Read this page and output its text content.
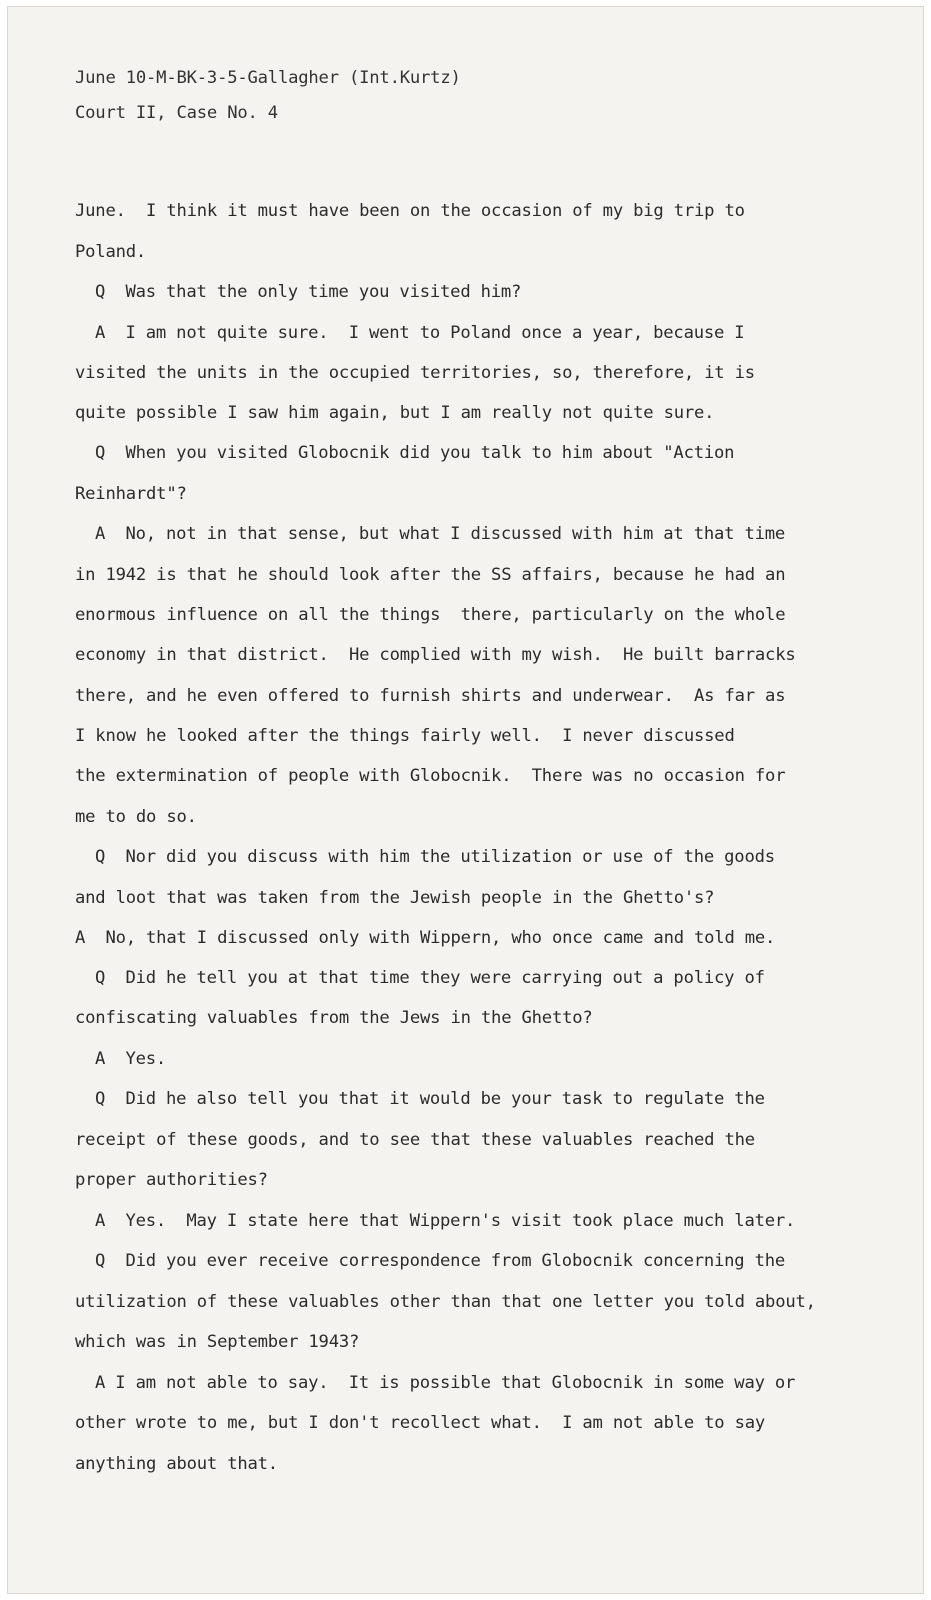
June 10-M-BK-3-5-Gallagher (Int.Kurtz)
Court II, Case No. 4
June.  I think it must have been on the occasion of my big trip to
Poland.
Q  Was that the only time you visited him?
A  I am not quite sure.  I went to Poland once a year, because I
visited the units in the occupied territories, so, therefore, it is
quite possible I saw him again, but I am really not quite sure.
Q  When you visited Globocnik did you talk to him about "Action
Reinhardt"?
A  No, not in that sense, but what I discussed with him at that time
in 1942 is that he should look after the SS affairs, because he had an
enormous influence on all the things  there, particularly on the whole
economy in that district.  He complied with my wish.  He built barracks
there, and he even offered to furnish shirts and underwear.  As far as
I know he looked after the things fairly well.  I never discussed
the extermination of people with Globocnik.  There was no occasion for
me to do so.
Q  Nor did you discuss with him the utilization or use of the goods
and loot that was taken from the Jewish people in the Ghetto's?
A  No, that I discussed only with Wippern, who once came and told me.
Q  Did he tell you at that time they were carrying out a policy of
confiscating valuables from the Jews in the Ghetto?
A  Yes.
Q  Did he also tell you that it would be your task to regulate the
receipt of these goods, and to see that these valuables reached the
proper authorities?
A  Yes.  May I state here that Wippern's visit took place much later.
Q  Did you ever receive correspondence from Globocnik concerning the
utilization of these valuables other than that one letter you told about,
which was in September 1943?
A I am not able to say.  It is possible that Globocnik in some way or
other wrote to me, but I don't recollect what.  I am not able to say
anything about that.
